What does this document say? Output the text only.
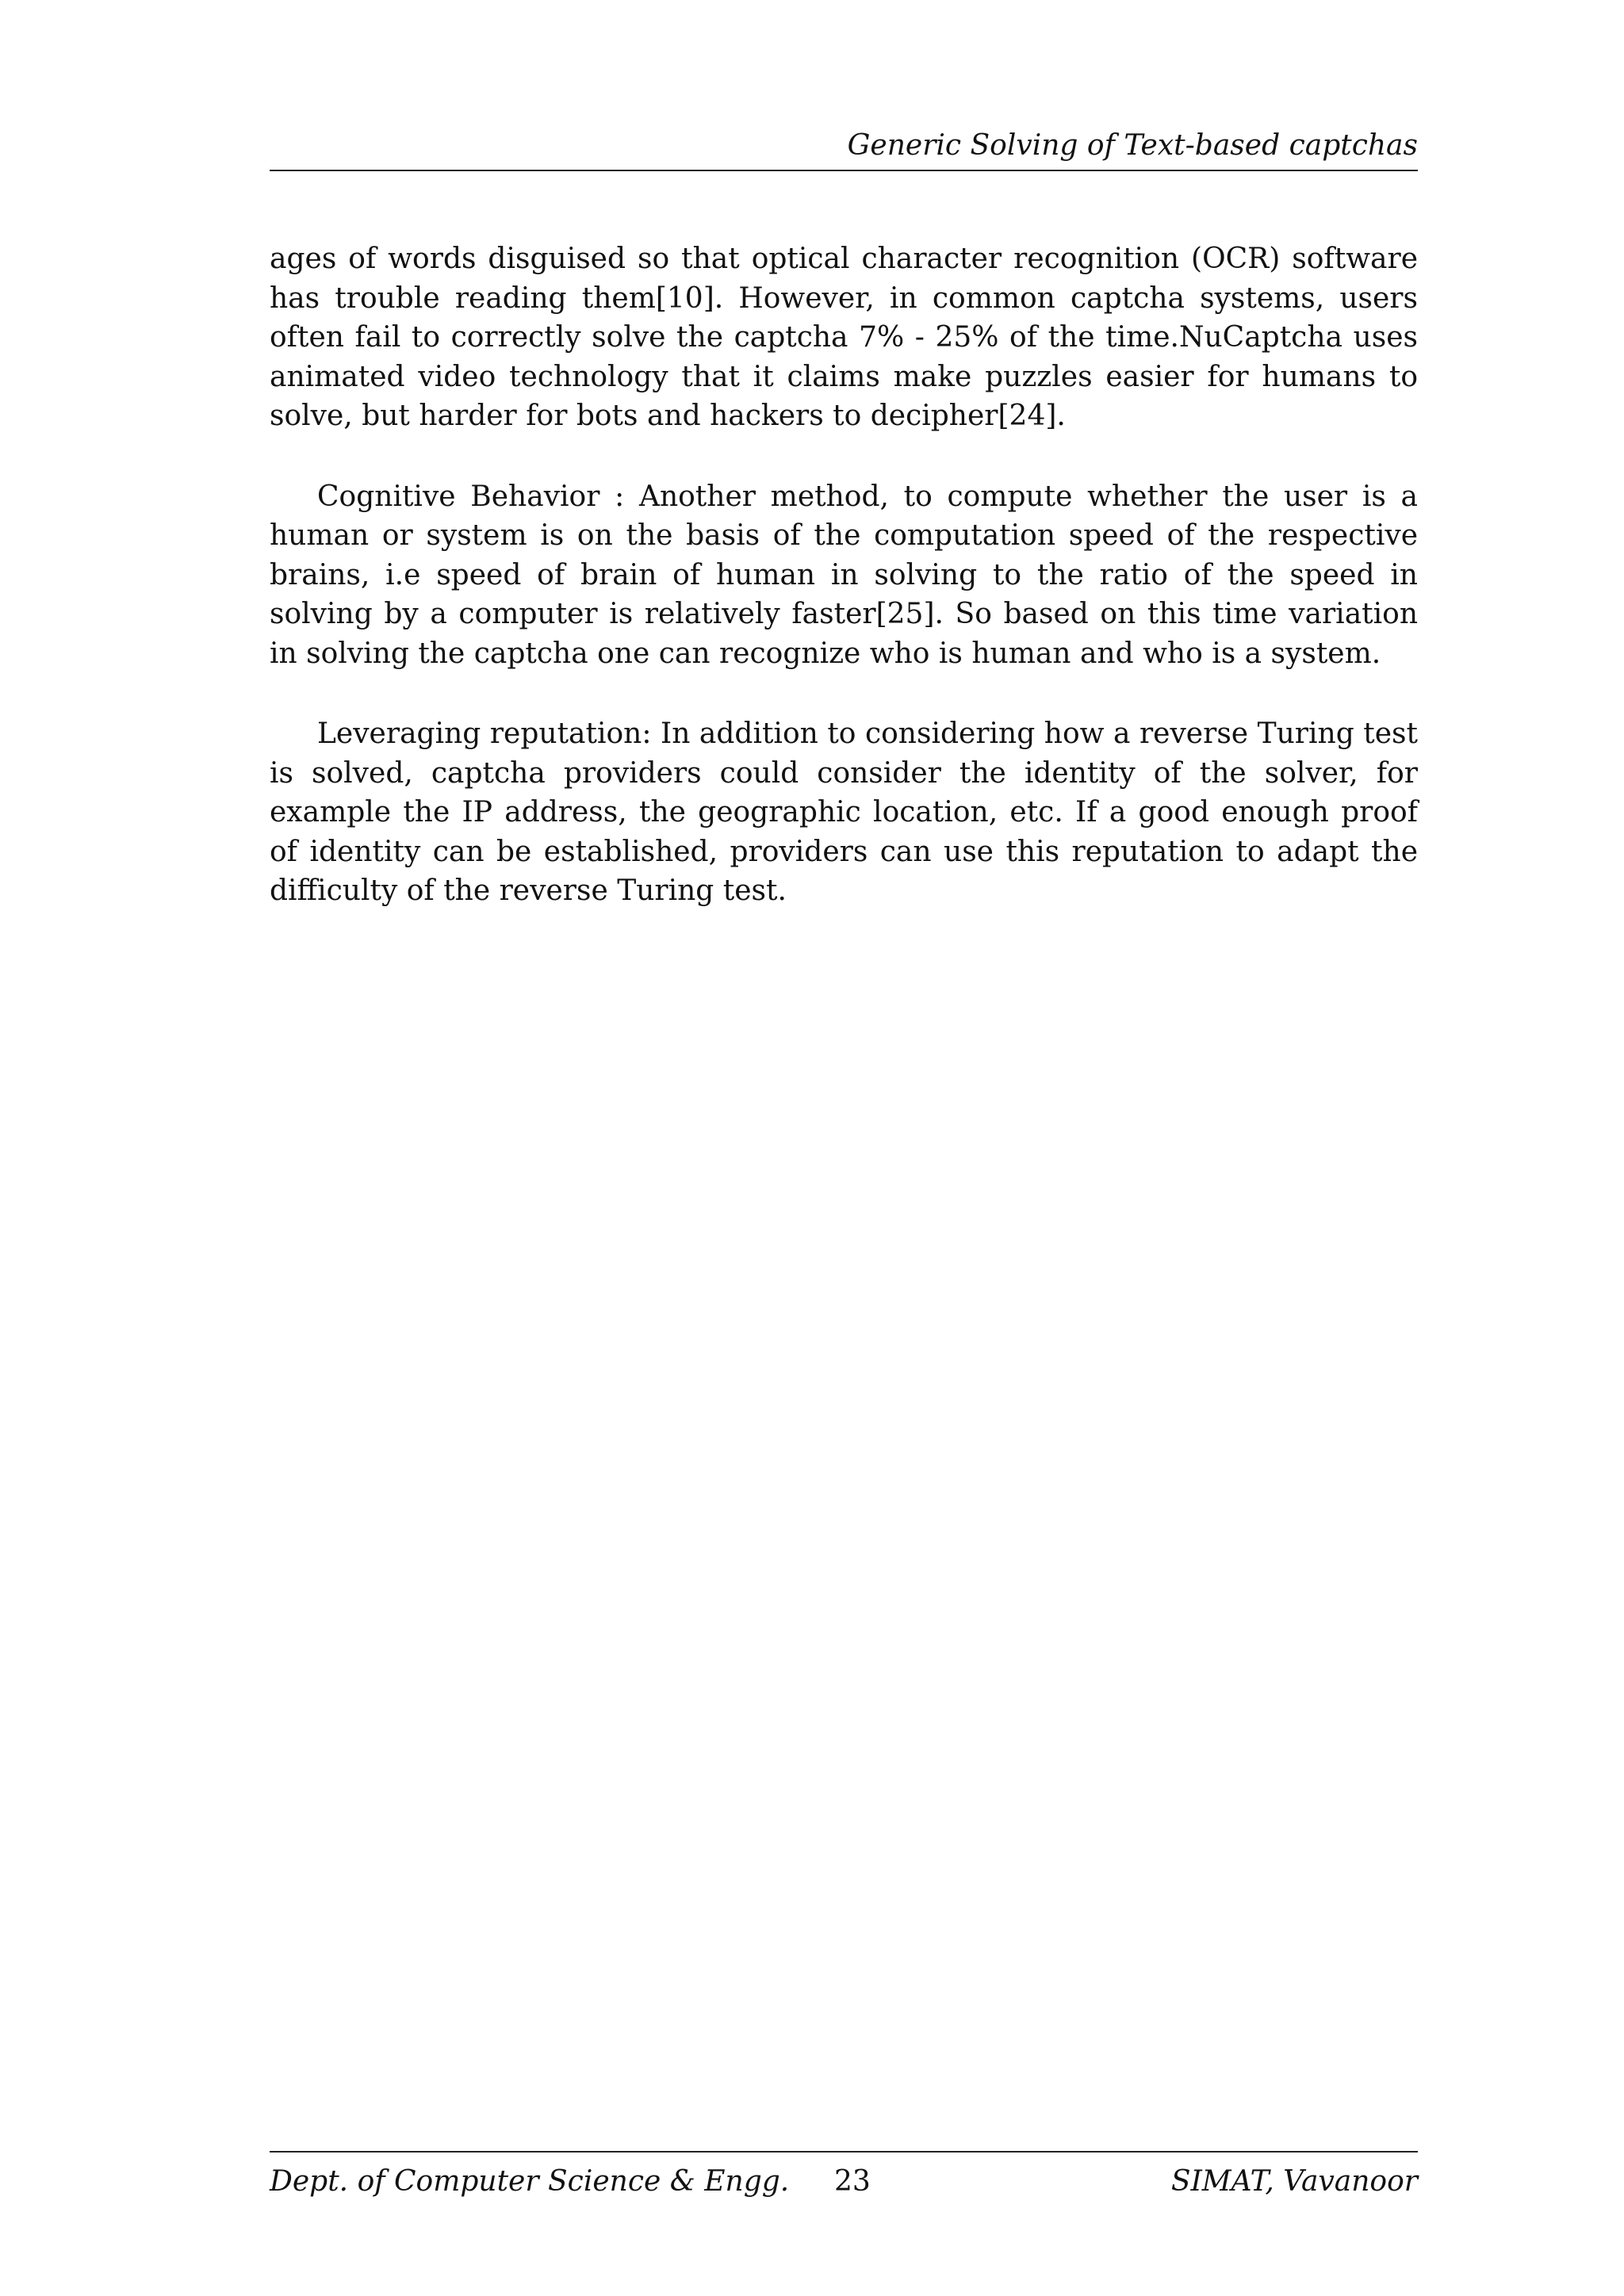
Generic Solving of Text-based captchas

ages of words disguised so that optical character recognition (OCR) software has trouble reading them[10]. However, in common captcha systems, users often fail to correctly solve the captcha 7% - 25% of the time.NuCaptcha uses animated video technology that it claims make puzzles easier for humans to solve, but harder for bots and hackers to decipher[24].

Cognitive Behavior : Another method, to compute whether the user is a human or system is on the basis of the computation speed of the respective brains, i.e speed of brain of human in solving to the ratio of the speed in solving by a computer is relatively faster[25]. So based on this time variation in solving the captcha one can recognize who is human and who is a system.

Leveraging reputation: In addition to considering how a reverse Turing test is solved, captcha providers could consider the identity of the solver, for example the IP address, the geographic location, etc. If a good enough proof of identity can be established, providers can use this reputation to adapt the difficulty of the reverse Turing test.

Dept. of Computer Science & Engg. 23	SIMAT, Vavanoor
